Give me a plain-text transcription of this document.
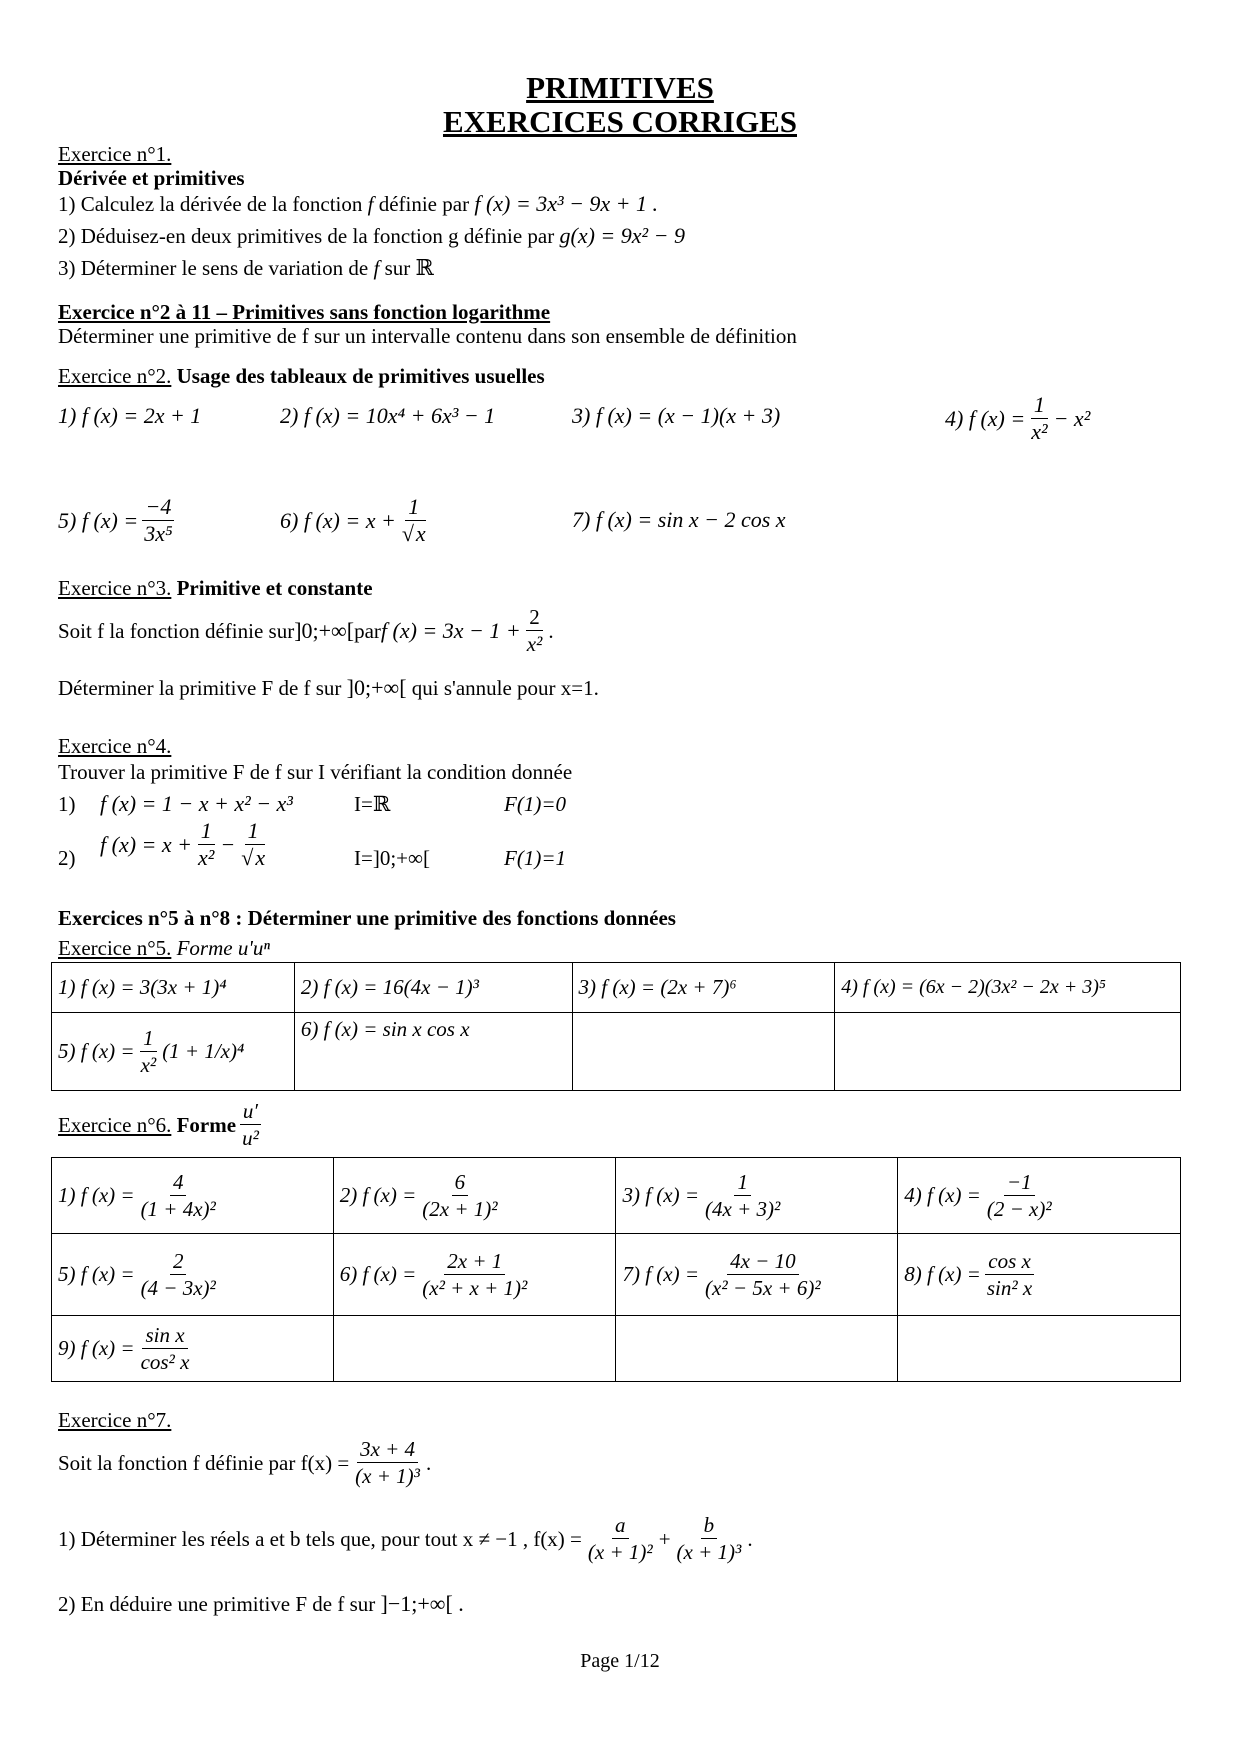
PRIMITIVES
EXERCICES CORRIGES
Exercice n°1.
Dérivée et primitives
1) Calculez la dérivée de la fonction f définie par f (x) = 3x³ − 9x + 1 .
2) Déduisez-en deux primitives de la fonction g définie par g(x) = 9x² − 9
3) Déterminer le sens de variation de f sur ℝ
Exercice n°2 à 11 – Primitives sans fonction logarithme
Déterminer une primitive de f sur un intervalle contenu dans son ensemble de définition
Exercice n°2. Usage des tableaux de primitives usuelles
1) f (x) = 2x + 1	2) f (x) = 10x⁴ + 6x³ − 1	3) f (x) = (x − 1)(x + 3)	4) f $(x) = \frac{1}{\text{x²}} - x^2$
5) f $(x) = \frac{-4}{\text{3x⁵}}$	6) f $(x) = x + \frac{1}{√x}$	7) f (x) = sin x − 2 cos x
Exercice n°3. Primitive et constante
Soit f la fonction définie sur ]0;+∞[ par f $(x) = 3x - 1 + \frac{2}{\text{x²}}$ .
Déterminer la primitive F de f sur ]0;+∞[ qui s'annule pour x=1.
Exercice n°4.
Trouver la primitive F de f sur I vérifiant la condition donnée
1) f (x) = 1 − x + x² − x³	I=ℝ	F(1)=0
2)
f $(x) = x + \frac{1}{\text{x²}} - \frac{1}{√x}$	I=]0;+∞[	F(1)=1
Exercices n°5 à n°8 : Déterminer une primitive des fonctions données
Exercice n°5. Forme u'uⁿ
1) f (x) = 3(3x + 1)⁴	2) f (x) = 16(4x − 1)³	3) f (x) = (2x + 7)⁶	4) f (x) = (6x − 2)(3x² − 2x + 3)⁵

5) f $(x) = \frac{1}{\text{x²}} (1 + 1/x)^4$	6) f (x) = sin x cos x		
Exercice n°6.
Forme $\frac{u'}{\text{u²}}$
1) f $(x) = \frac{4}{\text{(1 + 4x)²}}$	2) f $(x) = \frac{6}{\text{(2x + 1)²}}$	3) f $(x) = \frac{1}{\text{(4x + 3)²}}$	4) f $(x) = \frac{-1}{\text{(2 − x)²}}$

5) f $(x) = \frac{2}{\text{(4 − 3x)²}}$	6) f $(x) = \frac{2x + 1}{\text{(x² + x + 1)²}}$	7) f $(x) = \frac{4x - 10}{\text{(x² − 5x + 6)²}}$	8) f $(x) = \frac{\text{cos x}}{\text{sin² x}}$

9) f $(x) = \frac{\text{sin x}}{\text{cos² x}}$

Exercice n°7.
Soit la fonction f définie par $f(x) = \frac{3x + 4}{\text{(x + 1)³}}$ .
1) Déterminer les réels a et b tels que, pour tout x ≠ −1 , $f(x) = \frac{a}{\text{(x + 1)²}} + \frac{b}{\text{(x + 1)³}}$ .
2) En déduire une primitive F de f sur ]−1;+∞[ .
Page 1/12
